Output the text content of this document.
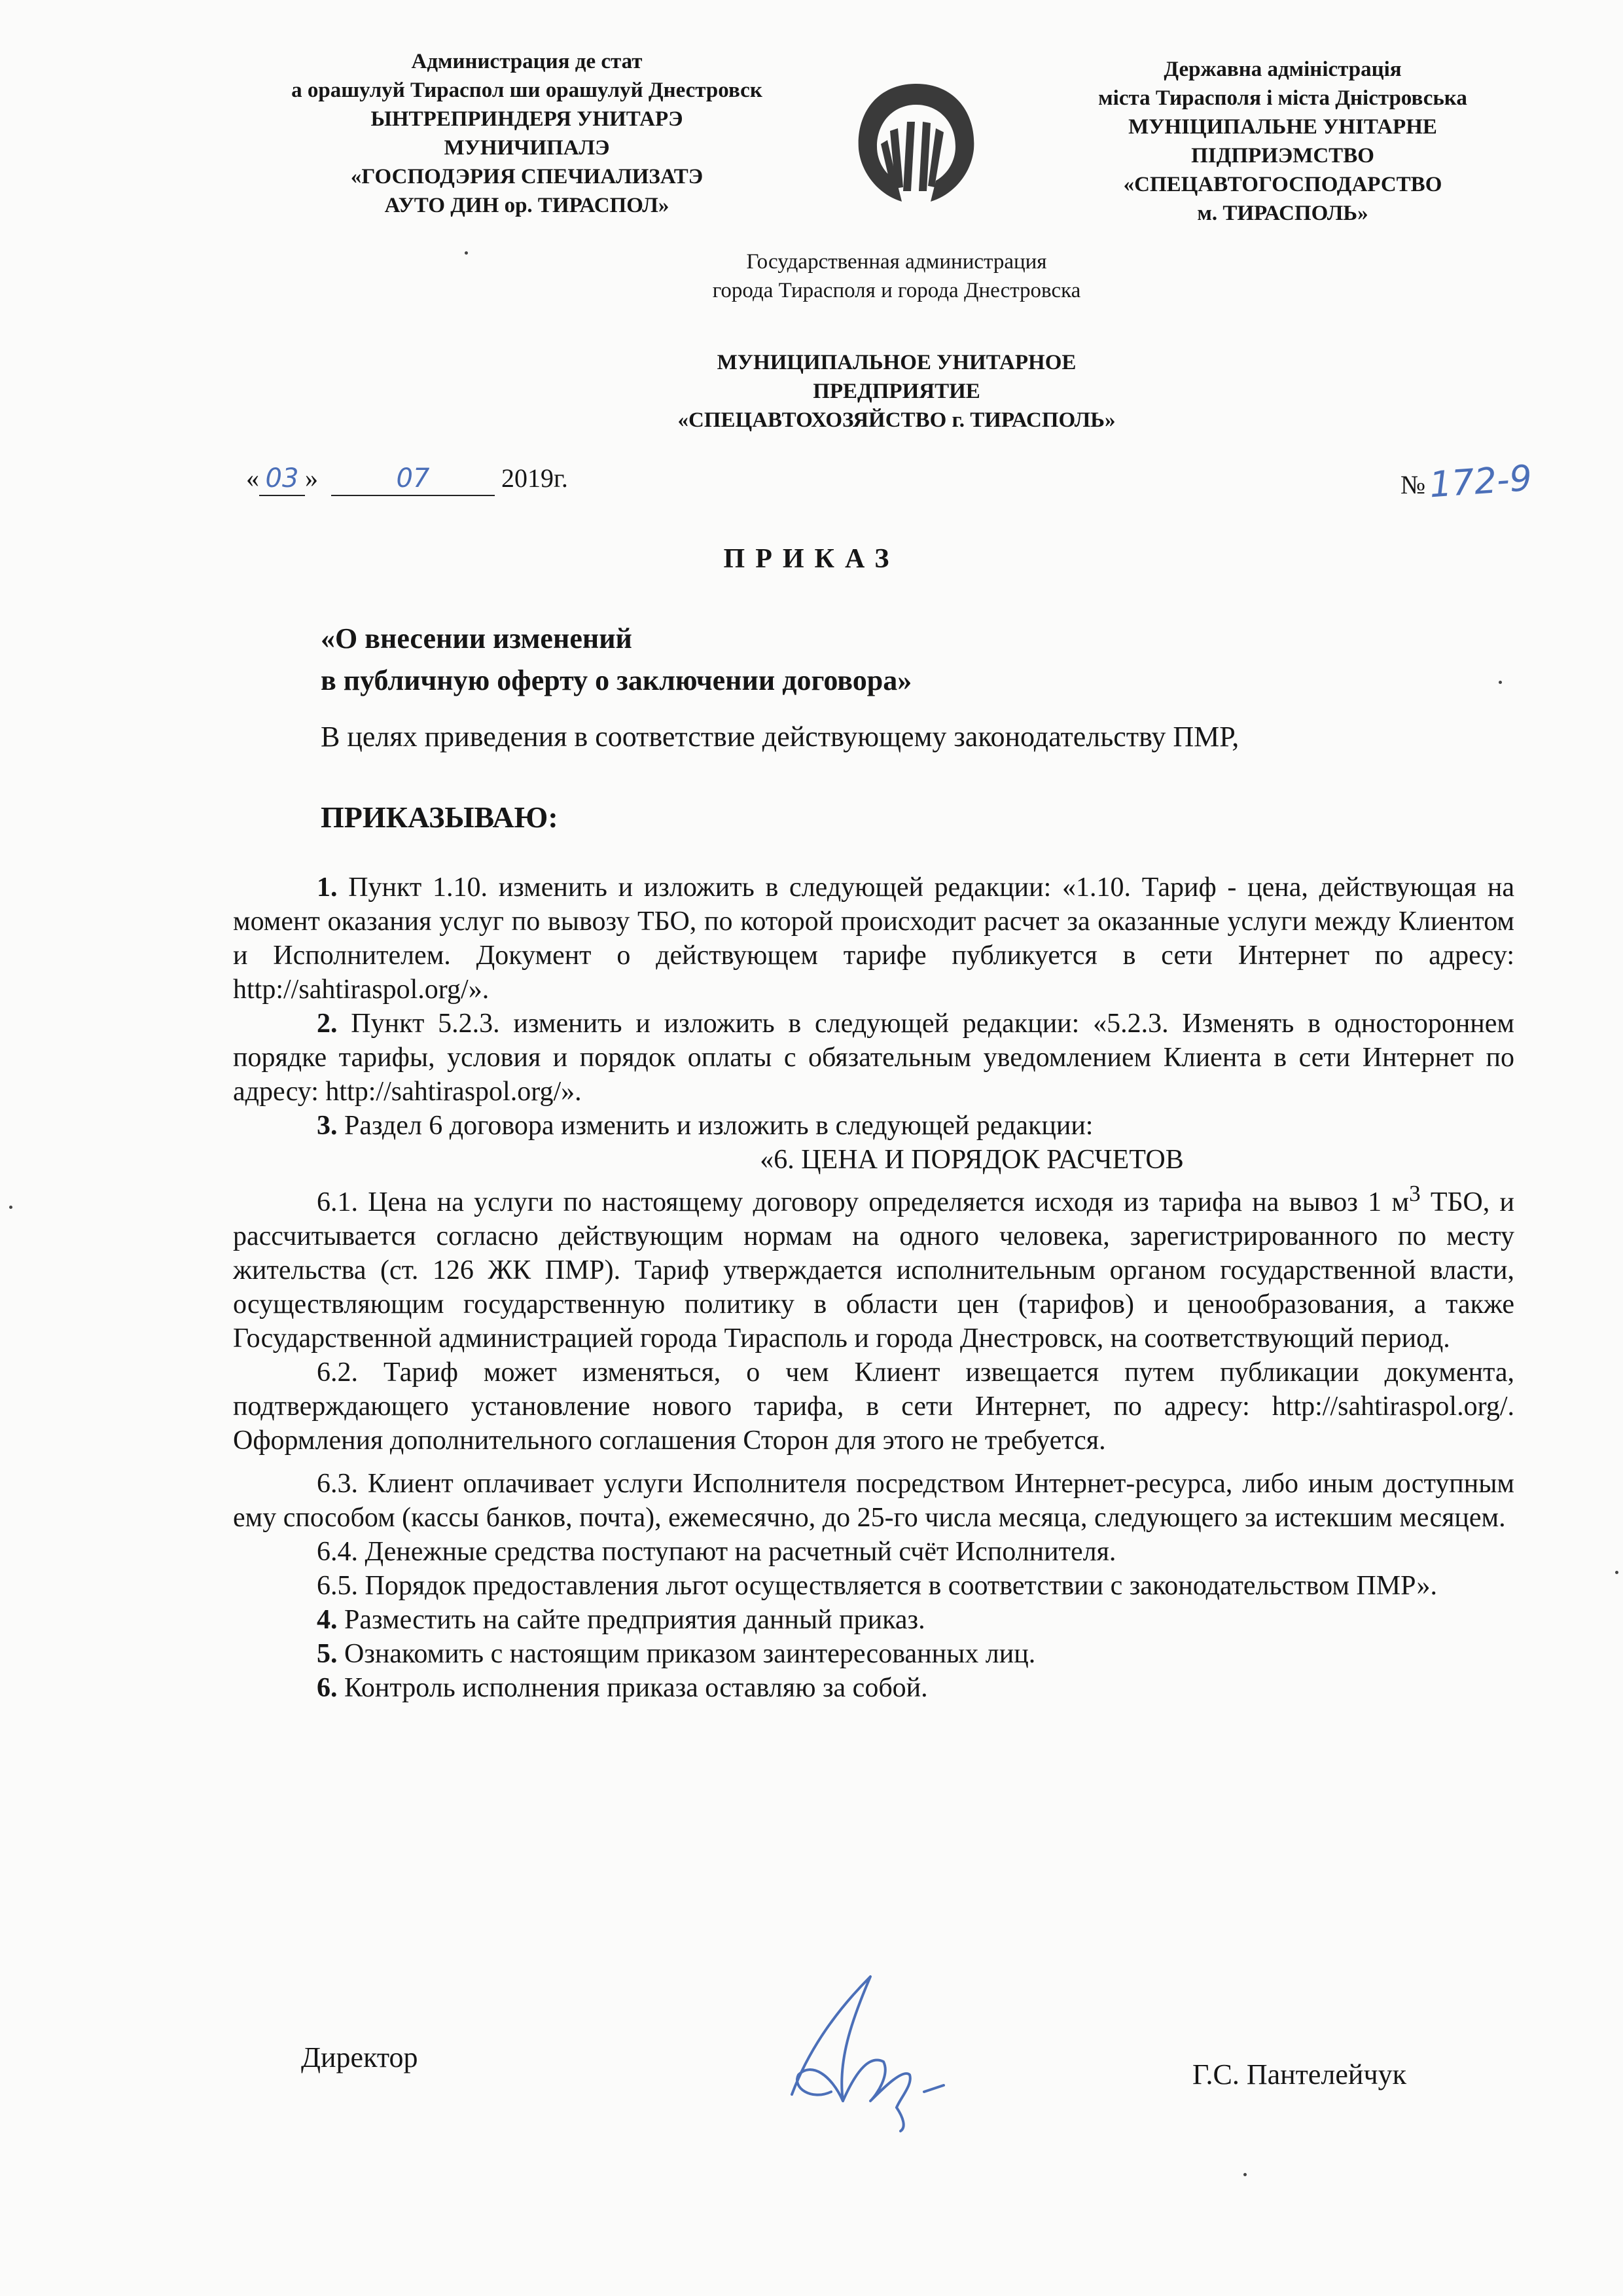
Администрация де стат
а орашулуй Тираспол ши орашулуй Днестровск
ЫНТРЕПРИНДЕРЯ УНИТАРЭ
МУНИЧИПАЛЭ
«ГОСПОДЭРИЯ СПЕЧИАЛИЗАТЭ
АУТО ДИН ор. ТИРАСПОЛ»
Державна адміністрація
міста Тирасполя і міста Дністровська
МУНІЦИПАЛЬНЕ УНІТАРНЕ
ПІДПРИЭМСТВО
«СПЕЦАВТОГОСПОДАРСТВО
м. ТИРАСПОЛЬ»
Государственная администрация
города Тирасполя и города Днестровска
МУНИЦИПАЛЬНОЕ УНИТАРНОЕ
ПРЕДПРИЯТИЕ
«СПЕЦАВТОХОЗЯЙСТВО г. ТИРАСПОЛЬ»
« 03 »	07	2019г.	№172-9
ПРИКАЗ
«О внесении изменений
в публичную оферту о заключении договора»
В целях приведения в соответствие действующему законодательству ПМР,
ПРИКАЗЫВАЮ:

1. Пункт 1.10. изменить и изложить в следующей редакции: «1.10. Тариф - цена, действующая на момент оказания услуг по вывозу ТБО, по которой происходит расчет за оказанные услуги между Клиентом и Исполнителем. Документ о действующем тарифе публикуется в сети Интернет по адресу: http://sahtiraspol.org/».

2. Пункт 5.2.3. изменить и изложить в следующей редакции: «5.2.3. Изменять в одностороннем порядке тарифы, условия и порядок оплаты с обязательным уведомлением Клиента в сети Интернет по адресу: http://sahtiraspol.org/».

3. Раздел 6 договора изменить и изложить в следующей редакции:

«6. ЦЕНА И ПОРЯДОК РАСЧЕТОВ

6.1. Цена на услуги по настоящему договору определяется исходя из тарифа на вывоз 1 $м^3$ ТБО, и рассчитывается согласно действующим нормам на одного человека, зарегистрированного по месту жительства (ст. 126 ЖК ПМР). Тариф утверждается исполнительным органом государственной власти, осуществляющим государственную политику в области цен (тарифов) и ценообразования, а также Государственной администрацией города Тирасполь и города Днестровск, на соответствующий период.

6.2. Тариф может изменяться, о чем Клиент извещается путем публикации документа, подтверждающего установление нового тарифа, в сети Интернет, по адресу: http://sahtiraspol.org/. Оформления дополнительного соглашения Сторон для этого не требуется.

6.3. Клиент оплачивает услуги Исполнителя посредством Интернет-ресурса, либо иным доступным ему способом (кассы банков, почта), ежемесячно, до 25-го числа месяца, следующего за истекшим месяцем.

6.4. Денежные средства поступают на расчетный счёт Исполнителя.

6.5. Порядок предоставления льгот осуществляется в соответствии с законодательством ПМР».

4. Разместить на сайте предприятия данный приказ.

5. Ознакомить с настоящим приказом заинтересованных лиц.

6. Контроль исполнения приказа оставляю за собой.

Директор
Г.С. Пантелейчук
